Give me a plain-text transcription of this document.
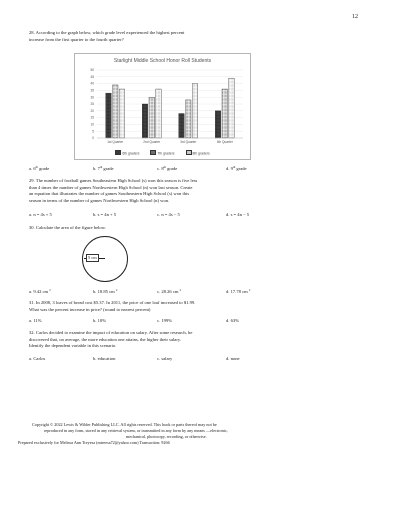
12
28. According to the graph below, which grade level experienced the highest percent
increase from the first quarter to the fourth quarter?
0
5
10
15
20
25
30
35
40
45
50
1st Quarter	2nd Quarter	3rd Quarter	4th Quarter
Starlight Middle School Honor Roll Students
6th graders	7th graders	8th graders
a. 6th grade	b. 7th grade	c. 8th grade	d. 9th grade
29. The number of football games Southeastern High School (s) won this season is five less
than 4 times the number of games Northwestern High School (n) won last season. Create
an equation that illustrates the number of games Southeastern High School (s) won this
season in terms of the number of games Northwestern High School (n) won.
a. n = 4s + 5	b. s = 4n + 5	c. n = 4s − 5	d. s = 4n − 5
30. Calculate the area of the figure below.
5 cm
a. 9.42 cm $^2$	b. 18.85 cm $^2$	c. 28.26 cm $^2$	d. 17.78 cm $^2$
31. In 2008, 3 loaves of bread cost $5.37. In 2011, the price of one loaf increased to $1.99.
What was the percent increase in price? (round to nearest percent)
a. 11%	b. 10%	c. 199%	d. 63%
32. Carlos decided to examine the impact of education on salary. After some research, he
discovered that, on average, the more education one attains, the higher their salary.
Identify the dependent variable in this scenario.
a. Carlos	b. education	c. salary	d. none
Copyright © 2022 Lewis & Wilder Publishing LLC. All rights reserved. This book or parts thereof may not be
reproduced in any form, stored in any retrieval system, or transmitted in any form by any means —electronic,
mechanical, photocopy, recording, or otherwise.
Prepared exclusively for Melissa Ann Treyesa (mtreesa72@yahoo.com) Transaction: 9266
